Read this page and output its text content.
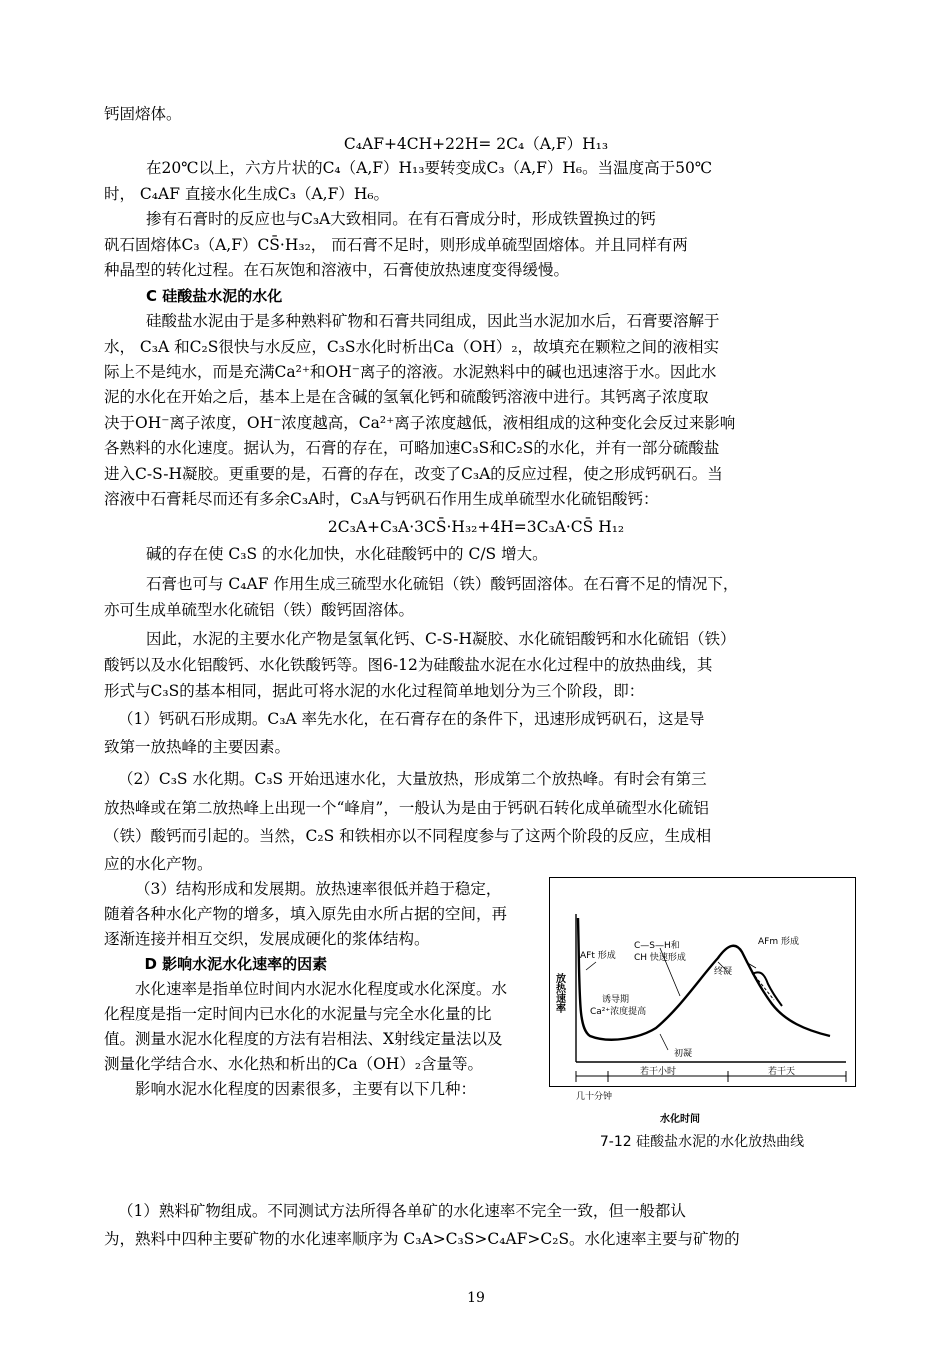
钙固熔体。
C₄AF+4CH+22H= 2C₄（A,F）H₁₃
在20℃以上，六方片状的C₄（A,F）H₁₃要转变成C₃（A,F）H₆。当温度高于50℃
时， C₄AF 直接水化生成C₃（A,F）H₆。
掺有石膏时的反应也与C₃A大致相同。在有石膏成分时，形成铁置换过的钙
矾石固熔体C₃（A,F）CS̄·H₃₂， 而石膏不足时，则形成单硫型固熔体。并且同样有两
种晶型的转化过程。在石灰饱和溶液中，石膏使放热速度变得缓慢。
C 硅酸盐水泥的水化
硅酸盐水泥由于是多种熟料矿物和石膏共同组成，因此当水泥加水后，石膏要溶解于
水， C₃A 和C₂S很快与水反应，C₃S水化时析出Ca（OH）₂，故填充在颗粒之间的液相实
际上不是纯水，而是充满Ca²⁺和OH⁻离子的溶液。水泥熟料中的碱也迅速溶于水。因此水
泥的水化在开始之后，基本上是在含碱的氢氧化钙和硫酸钙溶液中进行。其钙离子浓度取
决于OH⁻离子浓度，OH⁻浓度越高，Ca²⁺离子浓度越低，液相组成的这种变化会反过来影响
各熟料的水化速度。据认为，石膏的存在，可略加速C₃S和C₂S的水化，并有一部分硫酸盐
进入C-S-H凝胶。更重要的是，石膏的存在，改变了C₃A的反应过程，使之形成钙矾石。当
溶液中石膏耗尽而还有多余C₃A时，C₃A与钙矾石作用生成单硫型水化硫铝酸钙：
2C₃A+C₃A·3CS̄·H₃₂+4H=3C₃A·CS̄ H₁₂
碱的存在使 C₃S 的水化加快，水化硅酸钙中的 C/S 增大。
石膏也可与 C₄AF 作用生成三硫型水化硫铝（铁）酸钙固溶体。在石膏不足的情况下，
亦可生成单硫型水化硫铝（铁）酸钙固溶体。
因此，水泥的主要水化产物是氢氧化钙、C-S-H凝胶、水化硫铝酸钙和水化硫铝（铁）
酸钙以及水化铝酸钙、水化铁酸钙等。图6-12为硅酸盐水泥在水化过程中的放热曲线，其
形式与C₃S的基本相同，据此可将水泥的水化过程简单地划分为三个阶段，即：
（1）钙矾石形成期。C₃A 率先水化，在石膏存在的条件下，迅速形成钙矾石，这是导
致第一放热峰的主要因素。
（2）C₃S 水化期。C₃S 开始迅速水化，大量放热，形成第二个放热峰。有时会有第三
放热峰或在第二放热峰上出现一个“峰肩”，一般认为是由于钙矾石转化成单硫型水化硫铝
（铁）酸钙而引起的。当然，C₂S 和铁相亦以不同程度参与了这两个阶段的反应，生成相
应的水化产物。

（3）结构形成和发展期。放热速率很低并趋于稳定，随着各种水化产物的增多，填入原先由水所占据的空间，再逐渐连接并相互交织，发展成硬化的浆体结构。

D 影响水泥水化速率的因素

水化速率是指单位时间内水泥水化程度或水化深度。水化程度是指一定时间内已水化的水泥量与完全水化量的比值。测量水泥水化程度的方法有岩相法、X射线定量法以及测量化学结合水、水化热和析出的Ca（OH）₂含量等。

影响水泥水化程度的因素很多，主要有以下几种：

放热速率
AFt 形成
C—S—H和
CH 快速形成
AFm 形成
终凝
诱导期
Ca²⁺浓度提高
初凝
若干小时	若干天
几十分钟
水化时间
7-12 硅酸盐水泥的水化放热曲线
（1）熟料矿物组成。不同测试方法所得各单矿的水化速率不完全一致，但一般都认
为，熟料中四种主要矿物的水化速率顺序为 C₃A>C₃S>C₄AF>C₂S。水化速率主要与矿物的
19
